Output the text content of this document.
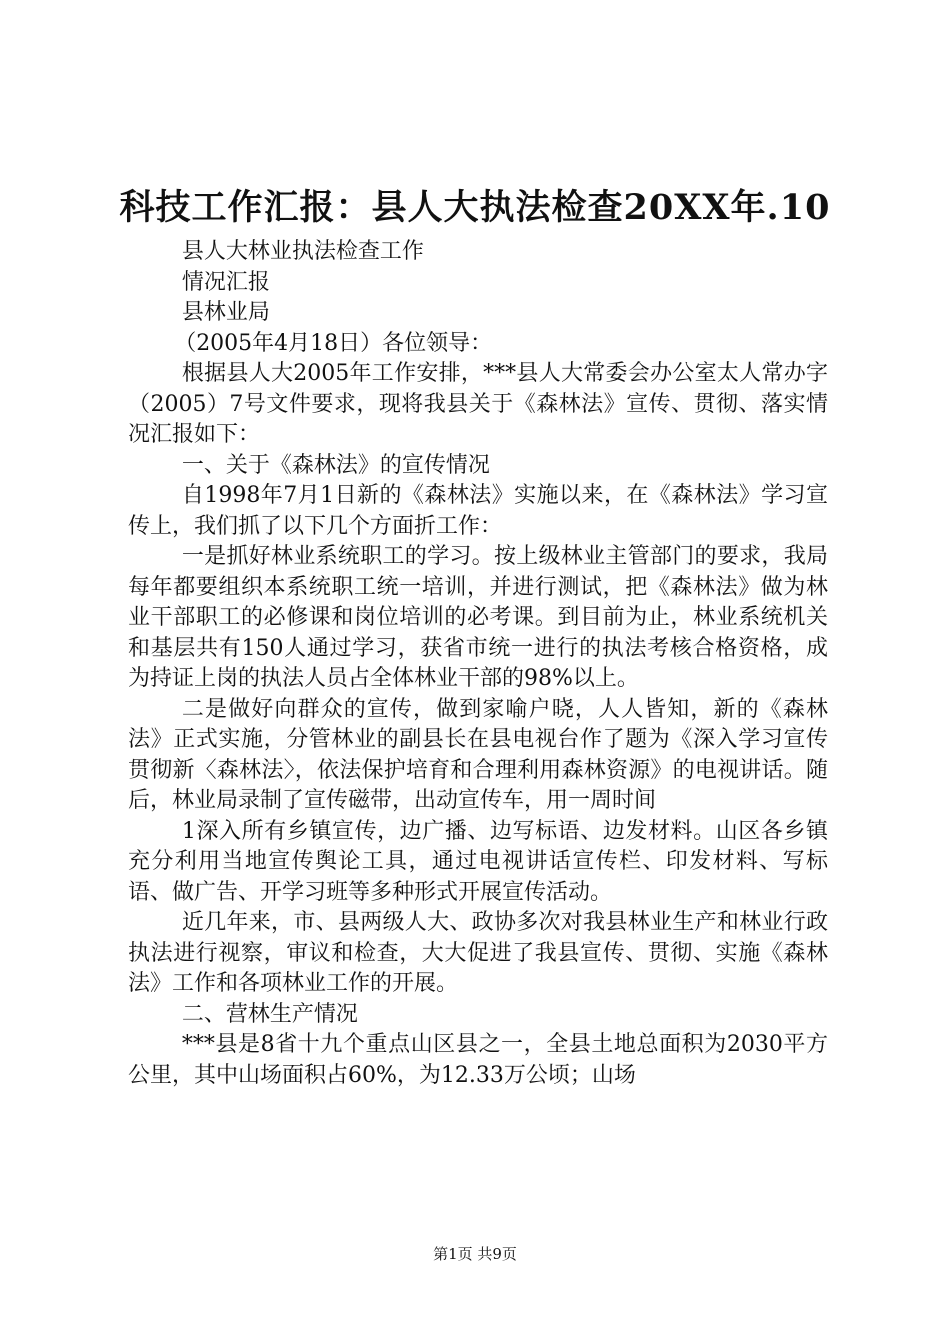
科技工作汇报：县人大执法检查20XX年.10

县人大林业执法检查工作

情况汇报

县林业局

（2005年4月18日）各位领导：

根据县人大2005年工作安排，***县人大常委会办公室太人常办字（2005）7号文件要求，现将我县关于《森林法》宣传、贯彻、落实情况汇报如下：

一、关于《森林法》的宣传情况

自1998年7月1日新的《森林法》实施以来，在《森林法》学习宣传上，我们抓了以下几个方面折工作：

一是抓好林业系统职工的学习。按上级林业主管部门的要求，我局每年都要组织本系统职工统一培训，并进行测试，把《森林法》做为林业干部职工的必修课和岗位培训的必考课。到目前为止，林业系统机关和基层共有150人通过学习，获省市统一进行的执法考核合格资格，成为持证上岗的执法人员占全体林业干部的98%以上。

二是做好向群众的宣传，做到家喻户晓，人人皆知，新的《森林法》正式实施，分管林业的副县长在县电视台作了题为《深入学习宣传贯彻新〈森林法〉，依法保护培育和合理利用森林资源》的电视讲话。随后，林业局录制了宣传磁带，出动宣传车，用一周时间

1深入所有乡镇宣传，边广播、边写标语、边发材料。山区各乡镇充分利用当地宣传舆论工具，通过电视讲话宣传栏、印发材料、写标语、做广告、开学习班等多种形式开展宣传活动。

近几年来，市、县两级人大、政协多次对我县林业生产和林业行政执法进行视察，审议和检查，大大促进了我县宣传、贯彻、实施《森林法》工作和各项林业工作的开展。

二、营林生产情况

***县是8省十九个重点山区县之一，全县土地总面积为2030平方公里，其中山场面积占60%，为12.33万公顷；山场

第1页 共9页
